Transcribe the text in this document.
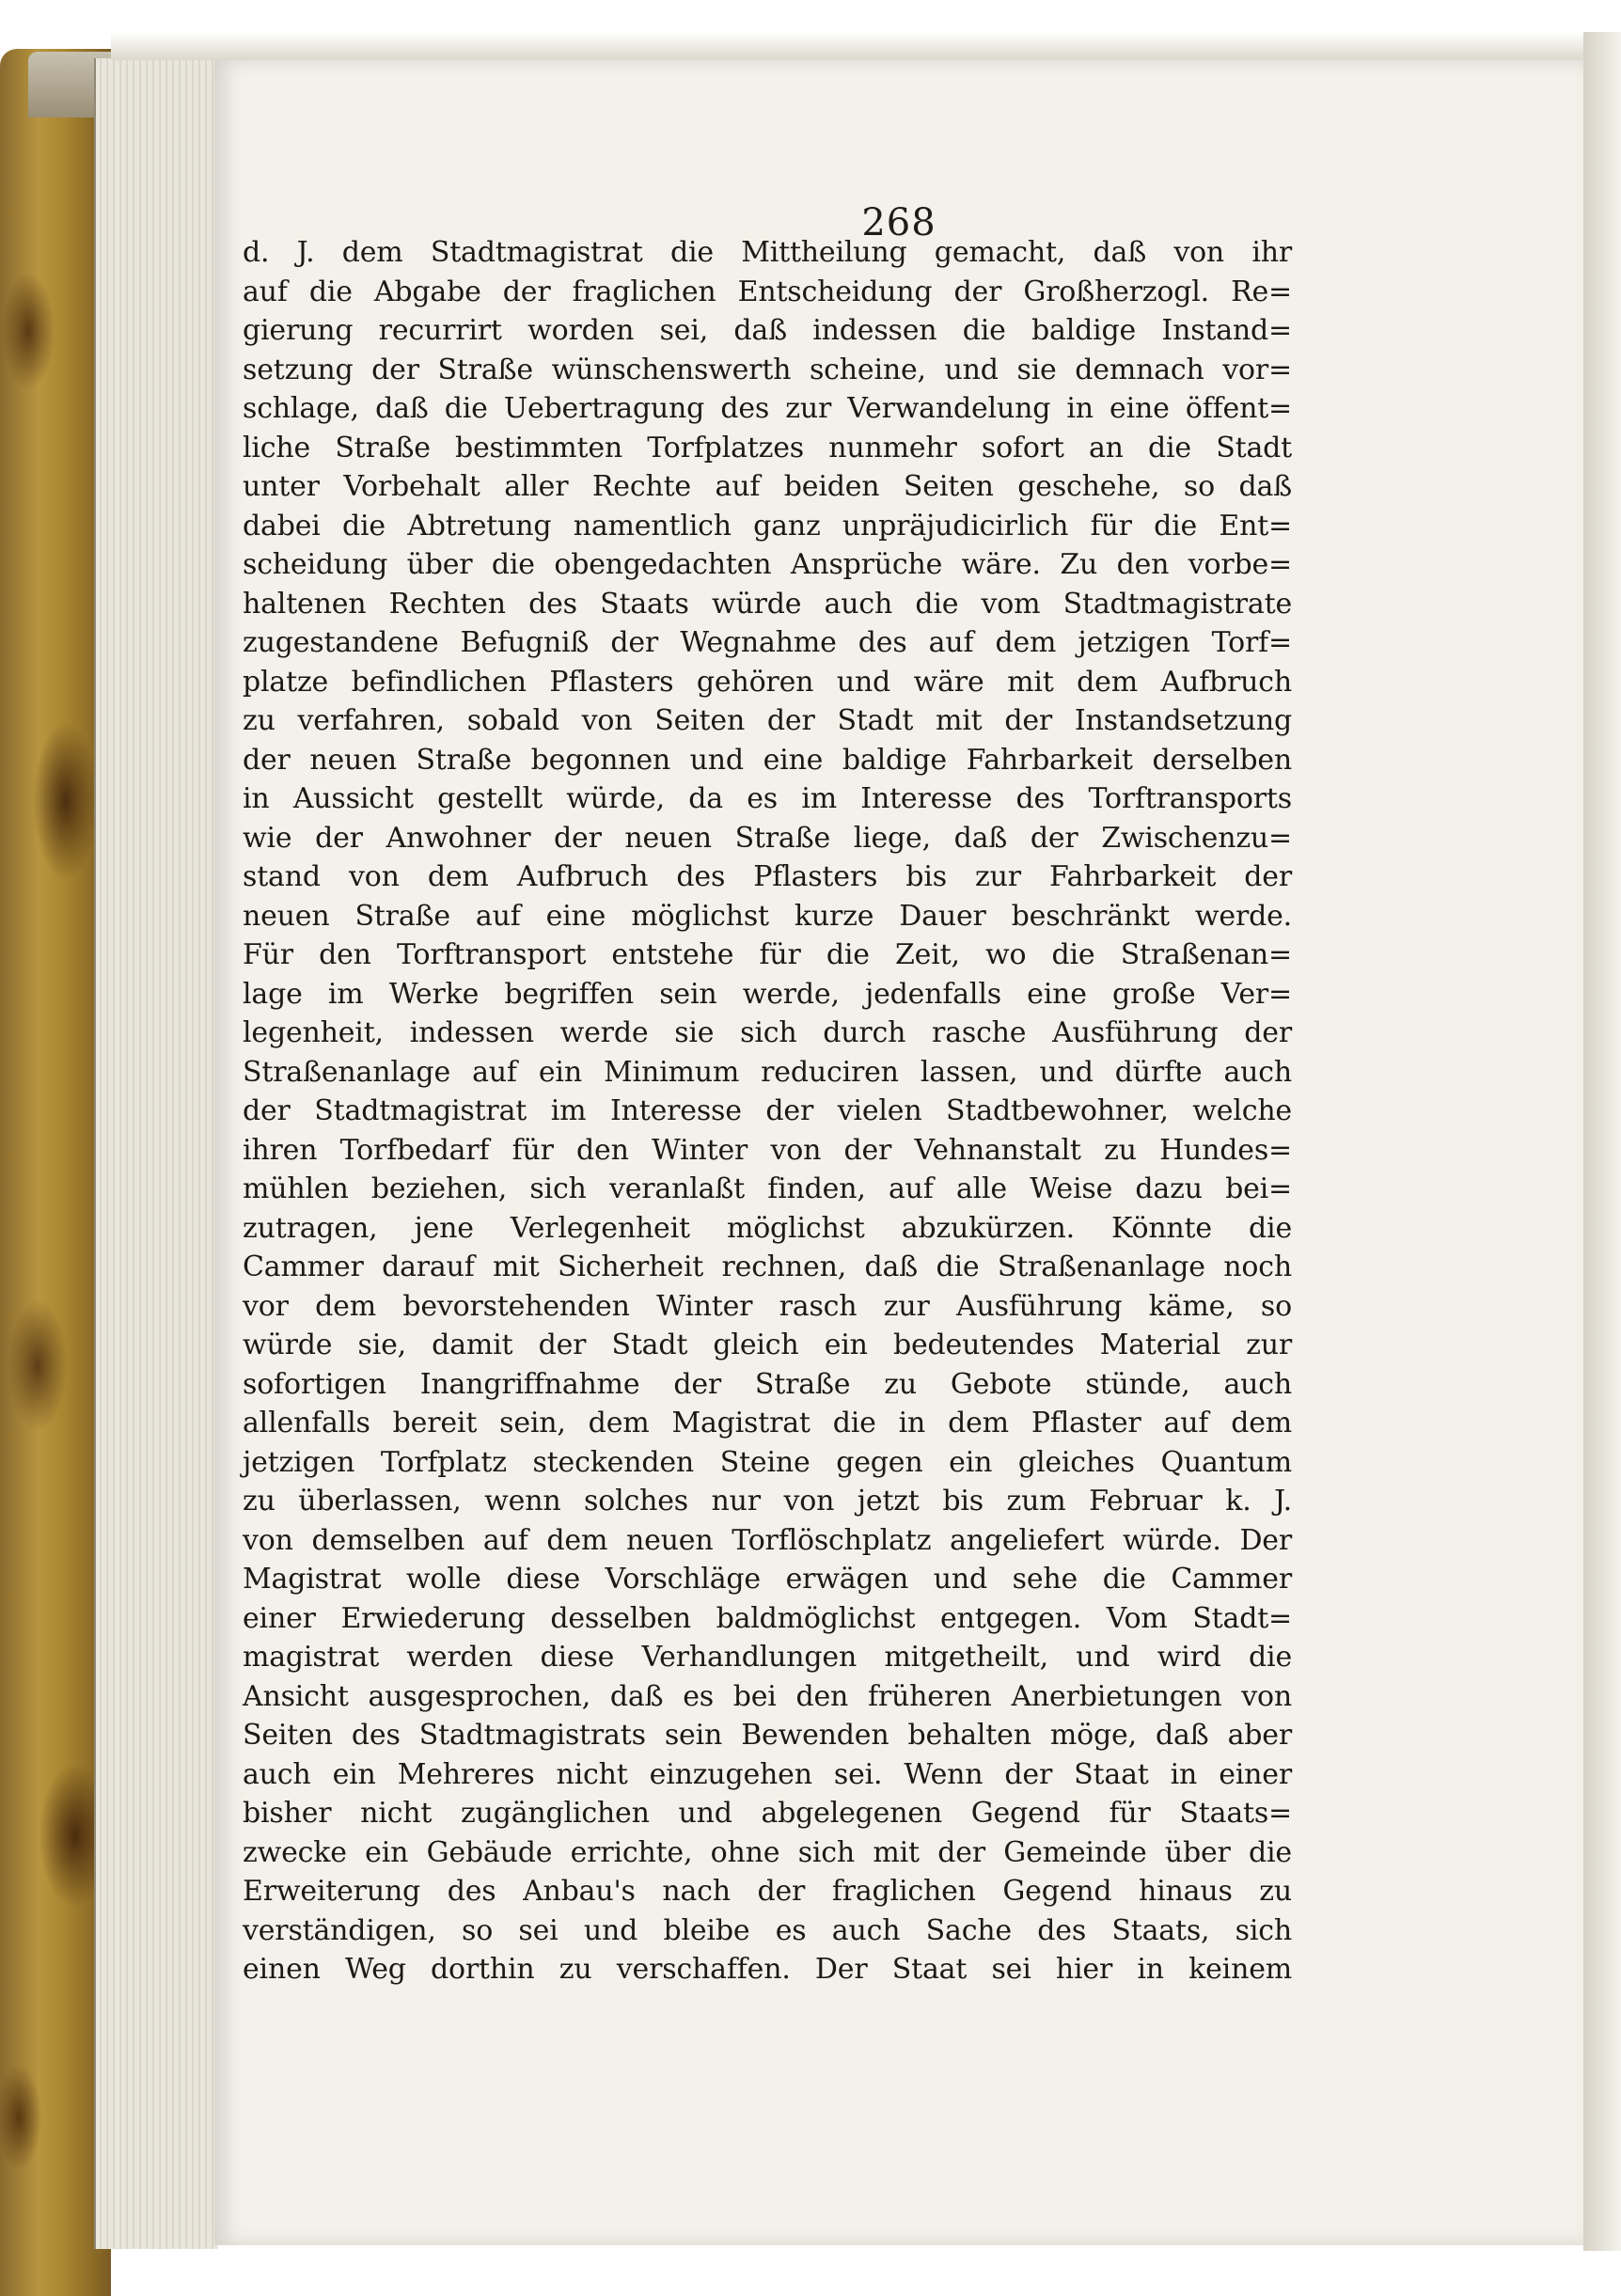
268
d. J. dem Stadtmagistrat die Mittheilung gemacht, daß von ihr
auf die Abgabe der fraglichen Entscheidung der Großherzogl. Re=
gierung recurrirt worden sei, daß indessen die baldige Instand=
setzung der Straße wünschenswerth scheine, und sie demnach vor=
schlage, daß die Uebertragung des zur Verwandelung in eine öffent=
liche Straße bestimmten Torfplatzes nunmehr sofort an die Stadt
unter Vorbehalt aller Rechte auf beiden Seiten geschehe, so daß
dabei die Abtretung namentlich ganz unpräjudicirlich für die Ent=
scheidung über die obengedachten Ansprüche wäre. Zu den vorbe=
haltenen Rechten des Staats würde auch die vom Stadtmagistrate
zugestandene Befugniß der Wegnahme des auf dem jetzigen Torf=
platze befindlichen Pflasters gehören und wäre mit dem Aufbruch
zu verfahren, sobald von Seiten der Stadt mit der Instandsetzung
der neuen Straße begonnen und eine baldige Fahrbarkeit derselben
in Aussicht gestellt würde, da es im Interesse des Torftransports
wie der Anwohner der neuen Straße liege, daß der Zwischenzu=
stand von dem Aufbruch des Pflasters bis zur Fahrbarkeit der
neuen Straße auf eine möglichst kurze Dauer beschränkt werde.
Für den Torftransport entstehe für die Zeit, wo die Straßenan=
lage im Werke begriffen sein werde, jedenfalls eine große Ver=
legenheit, indessen werde sie sich durch rasche Ausführung der
Straßenanlage auf ein Minimum reduciren lassen, und dürfte auch
der Stadtmagistrat im Interesse der vielen Stadtbewohner, welche
ihren Torfbedarf für den Winter von der Vehnanstalt zu Hundes=
mühlen beziehen, sich veranlaßt finden, auf alle Weise dazu bei=
zutragen, jene Verlegenheit möglichst abzukürzen. Könnte die
Cammer darauf mit Sicherheit rechnen, daß die Straßenanlage noch
vor dem bevorstehenden Winter rasch zur Ausführung käme, so
würde sie, damit der Stadt gleich ein bedeutendes Material zur
sofortigen Inangriffnahme der Straße zu Gebote stünde, auch
allenfalls bereit sein, dem Magistrat die in dem Pflaster auf dem
jetzigen Torfplatz steckenden Steine gegen ein gleiches Quantum
zu überlassen, wenn solches nur von jetzt bis zum Februar k. J.
von demselben auf dem neuen Torflöschplatz angeliefert würde. Der
Magistrat wolle diese Vorschläge erwägen und sehe die Cammer
einer Erwiederung desselben baldmöglichst entgegen. Vom Stadt=
magistrat werden diese Verhandlungen mitgetheilt, und wird die
Ansicht ausgesprochen, daß es bei den früheren Anerbietungen von
Seiten des Stadtmagistrats sein Bewenden behalten möge, daß aber
auch ein Mehreres nicht einzugehen sei. Wenn der Staat in einer
bisher nicht zugänglichen und abgelegenen Gegend für Staats=
zwecke ein Gebäude errichte, ohne sich mit der Gemeinde über die
Erweiterung des Anbau's nach der fraglichen Gegend hinaus zu
verständigen, so sei und bleibe es auch Sache des Staats, sich
einen Weg dorthin zu verschaffen. Der Staat sei hier in keinem
